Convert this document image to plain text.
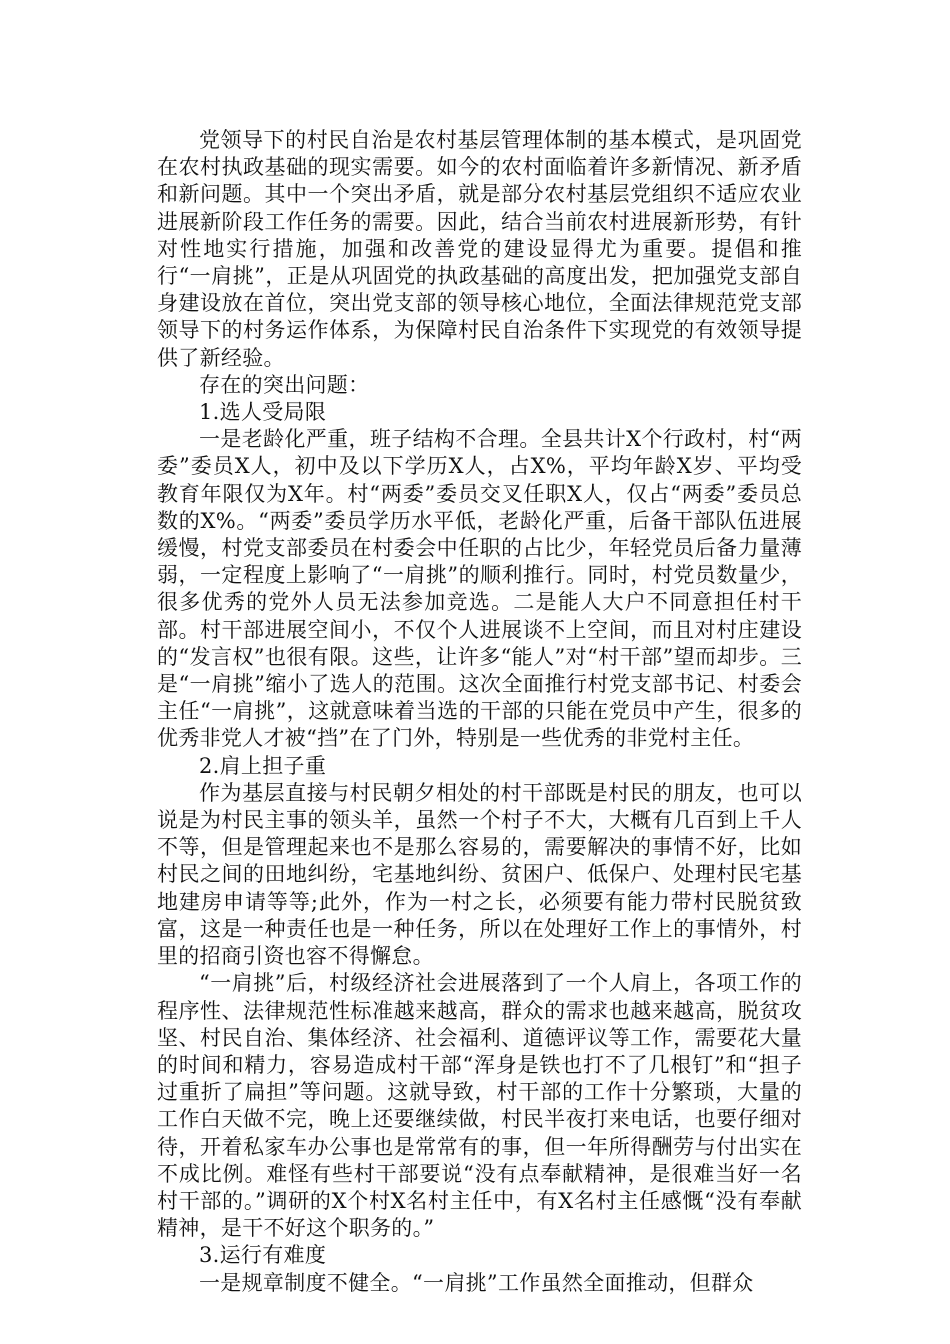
党领导下的村民自治是农村基层管理体制的基本模式，是巩固党在农村执政基础的现实需要。如今的农村面临着许多新情况、新矛盾和新问题。其中一个突出矛盾，就是部分农村基层党组织不适应农业进展新阶段工作任务的需要。因此，结合当前农村进展新形势，有针对性地实行措施，加强和改善党的建设显得尤为重要。提倡和推行“一肩挑”，正是从巩固党的执政基础的高度出发，把加强党支部自身建设放在首位，突出党支部的领导核心地位，全面法律规范党支部领导下的村务运作体系，为保障村民自治条件下实现党的有效领导提供了新经验。

存在的突出问题：

1.选人受局限

一是老龄化严重，班子结构不合理。全县共计X个行政村，村“两委”委员X人，初中及以下学历X人，占X%，平均年龄X岁、平均受教育年限仅为X年。村“两委”委员交叉任职X人，仅占“两委”委员总数的X%。“两委”委员学历水平低，老龄化严重，后备干部队伍进展缓慢，村党支部委员在村委会中任职的占比少，年轻党员后备力量薄弱，一定程度上影响了“一肩挑”的顺利推行。同时，村党员数量少，很多优秀的党外人员无法参加竞选。二是能人大户不同意担任村干部。村干部进展空间小，不仅个人进展谈不上空间，而且对村庄建设的“发言权”也很有限。这些，让许多“能人”对“村干部”望而却步。三是“一肩挑”缩小了选人的范围。这次全面推行村党支部书记、村委会主任“一肩挑”，这就意味着当选的干部的只能在党员中产生，很多的优秀非党人才被“挡”在了门外，特别是一些优秀的非党村主任。

2.肩上担子重

作为基层直接与村民朝夕相处的村干部既是村民的朋友，也可以说是为村民主事的领头羊，虽然一个村子不大，大概有几百到上千人不等，但是管理起来也不是那么容易的，需要解决的事情不好，比如村民之间的田地纠纷，宅基地纠纷、贫困户、低保户、处理村民宅基地建房申请等等;此外，作为一村之长，必须要有能力带村民脱贫致富，这是一种责任也是一种任务，所以在处理好工作上的事情外，村里的招商引资也容不得懈怠。

“一肩挑”后，村级经济社会进展落到了一个人肩上，各项工作的程序性、法律规范性标准越来越高，群众的需求也越来越高，脱贫攻坚、村民自治、集体经济、社会福利、道德评议等工作，需要花大量的时间和精力，容易造成村干部“浑身是铁也打不了几根钉”和“担子过重折了扁担”等问题。这就导致，村干部的工作十分繁琐，大量的工作白天做不完，晚上还要继续做，村民半夜打来电话，也要仔细对待，开着私家车办公事也是常常有的事，但一年所得酬劳与付出实在不成比例。难怪有些村干部要说“没有点奉献精神，是很难当好一名村干部的。”调研的X个村X名村主任中，有X名村主任感慨“没有奉献精神，是干不好这个职务的。”

3.运行有难度

一是规章制度不健全。“一肩挑”工作虽然全面推动，但群众
